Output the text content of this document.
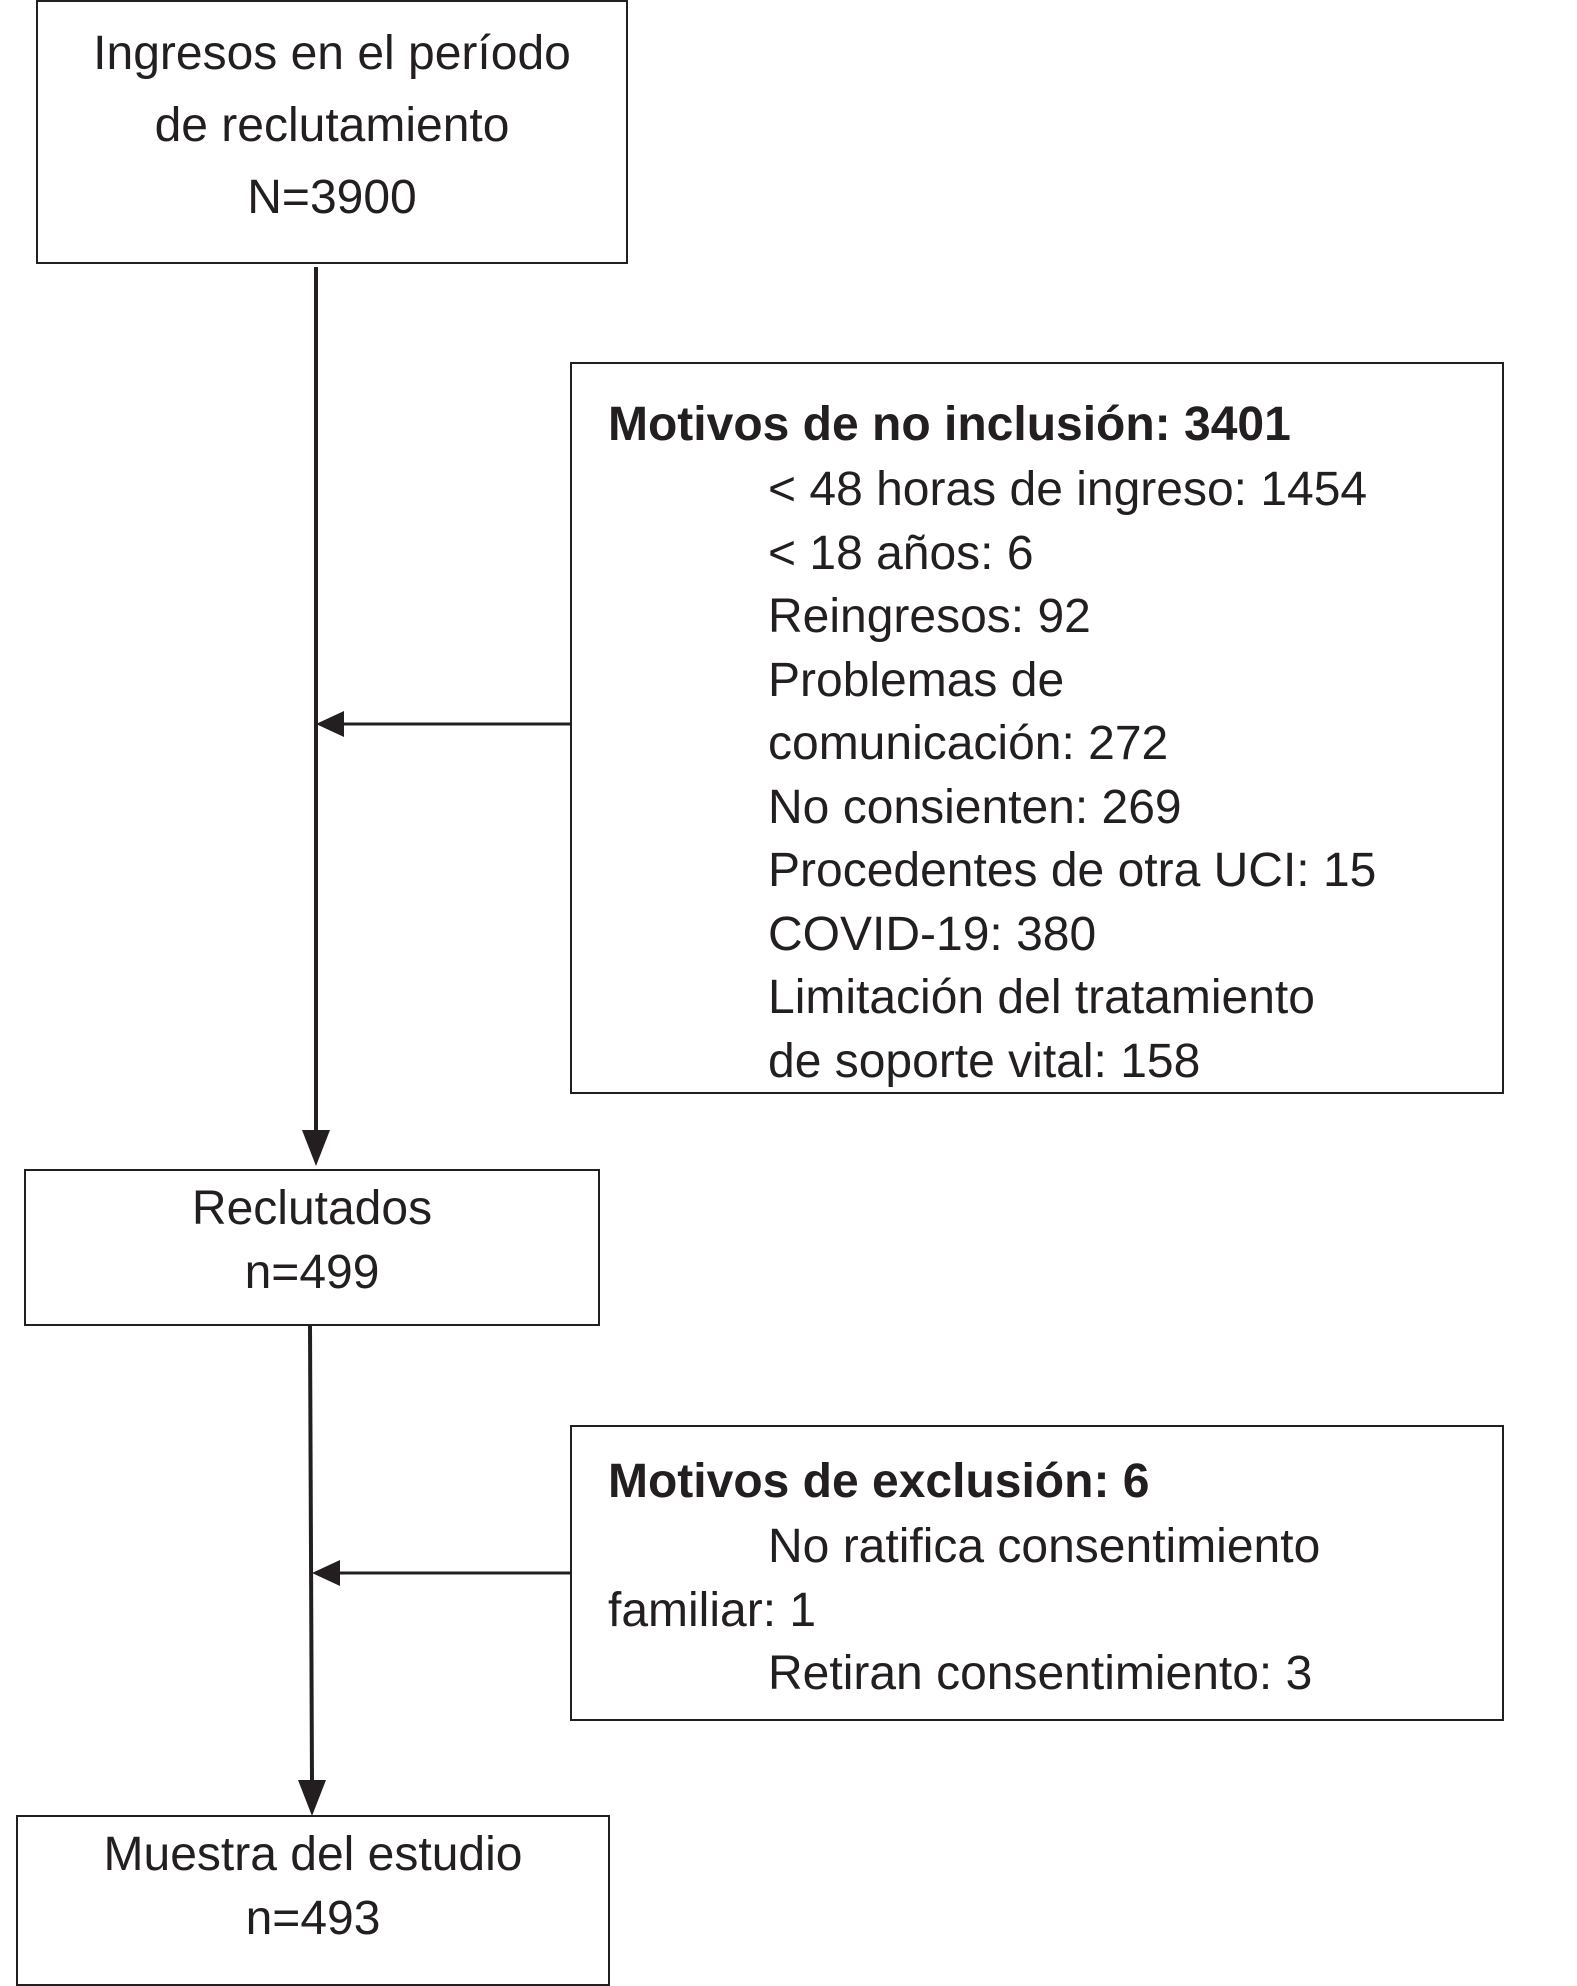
Ingresos en el período
de reclutamiento
N=3900
Motivos de no inclusión: 3401
< 48 horas de ingreso: 1454
< 18 años: 6
Reingresos: 92
Problemas de
comunicación: 272
No consienten: 269
Procedentes de otra UCI: 15
COVID-19: 380
Limitación del tratamiento
de soporte vital: 158
Reclutados
n=499
Motivos de exclusión: 6
No ratifica consentimiento familiar: 1
Retiran consentimiento: 3
Muestra del estudio
n=493
